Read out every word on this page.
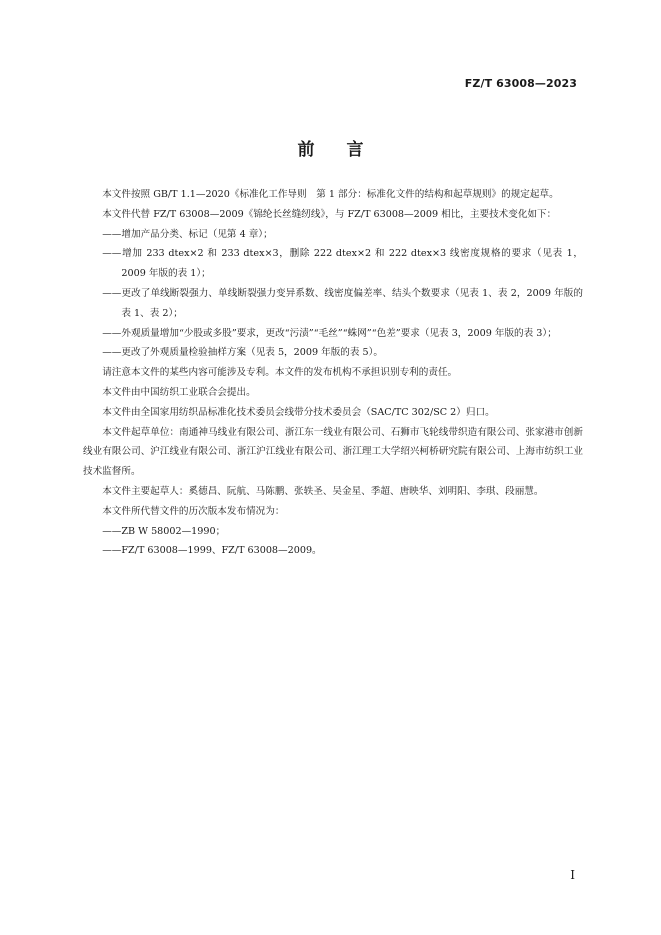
FZ/T 63008—2023
前言

本文件按照 GB/T 1.1—2020《标准化工作导则　第 1 部分：标准化文件的结构和起草规则》的规定起草。

本文件代替 FZ/T 63008—2009《锦纶长丝缝纫线》，与 FZ/T 63008—2009 相比，主要技术变化如下：

——增加产品分类、标记（见第 4 章）；

——增加 233 dtex×2 和 233 dtex×3，删除 222 dtex×2 和 222 dtex×3 线密度规格的要求（见表 1，2009 年版的表 1）；

——更改了单线断裂强力、单线断裂强力变异系数、线密度偏差率、结头个数要求（见表 1、表 2，2009 年版的表 1、表 2）；

——外观质量增加“少股或多股”要求，更改“污渍”“毛丝”“蛛网”“色差”要求（见表 3，2009 年版的表 3）；

——更改了外观质量检验抽样方案（见表 5，2009 年版的表 5）。

请注意本文件的某些内容可能涉及专利。本文件的发布机构不承担识别专利的责任。

本文件由中国纺织工业联合会提出。

本文件由全国家用纺织品标准化技术委员会线带分技术委员会（SAC/TC 302/SC 2）归口。

本文件起草单位：南通神马线业有限公司、浙江东一线业有限公司、石狮市飞轮线带织造有限公司、张家港市创新线业有限公司、沪江线业有限公司、浙江沪江线业有限公司、浙江理工大学绍兴柯桥研究院有限公司、上海市纺织工业技术监督所。

本文件主要起草人：奚德昌、阮航、马陈鹏、张轶圣、吴金星、季超、唐映华、刘明阳、李琪、段丽慧。

本文件所代替文件的历次版本发布情况为：

——ZB W 58002—1990；

——FZ/T 63008—1999、FZ/T 63008—2009。

I
